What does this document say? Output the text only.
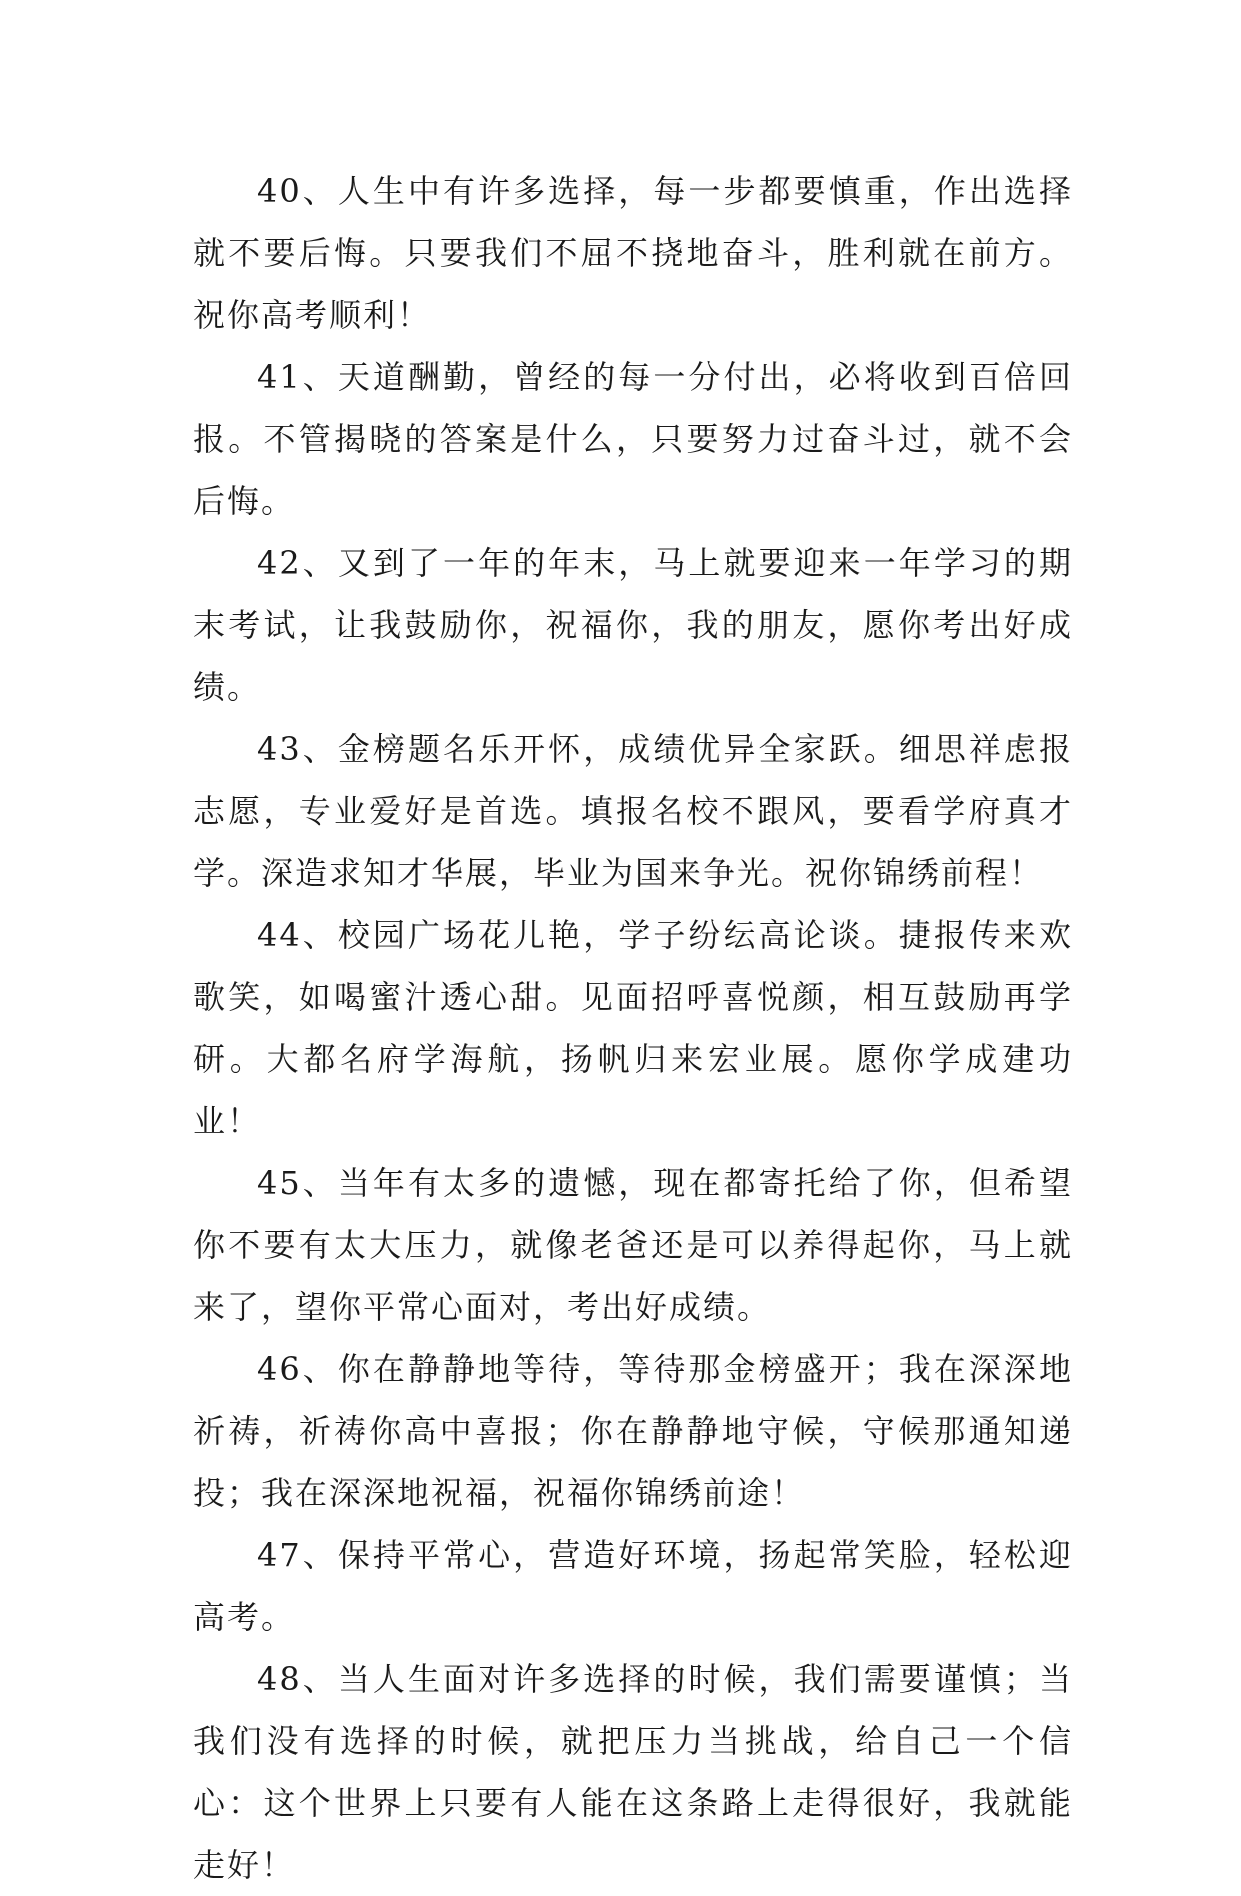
40、人生中有许多选择，每一步都要慎重，作出选择就不要后悔。只要我们不屈不挠地奋斗，胜利就在前方。祝你高考顺利！

41、天道酬勤，曾经的每一分付出，必将收到百倍回报。不管揭晓的答案是什么，只要努力过奋斗过，就不会后悔。

42、又到了一年的年末，马上就要迎来一年学习的期末考试，让我鼓励你，祝福你，我的朋友，愿你考出好成绩。

43、金榜题名乐开怀，成绩优异全家跃。细思祥虑报志愿，专业爱好是首选。填报名校不跟风，要看学府真才学。深造求知才华展，毕业为国来争光。祝你锦绣前程！

44、校园广场花儿艳，学子纷纭高论谈。捷报传来欢歌笑，如喝蜜汁透心甜。见面招呼喜悦颜，相互鼓励再学研。大都名府学海航，扬帆归来宏业展。愿你学成建功业！

45、当年有太多的遗憾，现在都寄托给了你，但希望你不要有太大压力，就像老爸还是可以养得起你，马上就来了，望你平常心面对，考出好成绩。

46、你在静静地等待，等待那金榜盛开；我在深深地祈祷，祈祷你高中喜报；你在静静地守候，守候那通知递投；我在深深地祝福，祝福你锦绣前途！

47、保持平常心，营造好环境，扬起常笑脸，轻松迎高考。

48、当人生面对许多选择的时候，我们需要谨慎；当我们没有选择的时候，就把压力当挑战，给自己一个信心：这个世界上只要有人能在这条路上走得很好，我就能走好！
